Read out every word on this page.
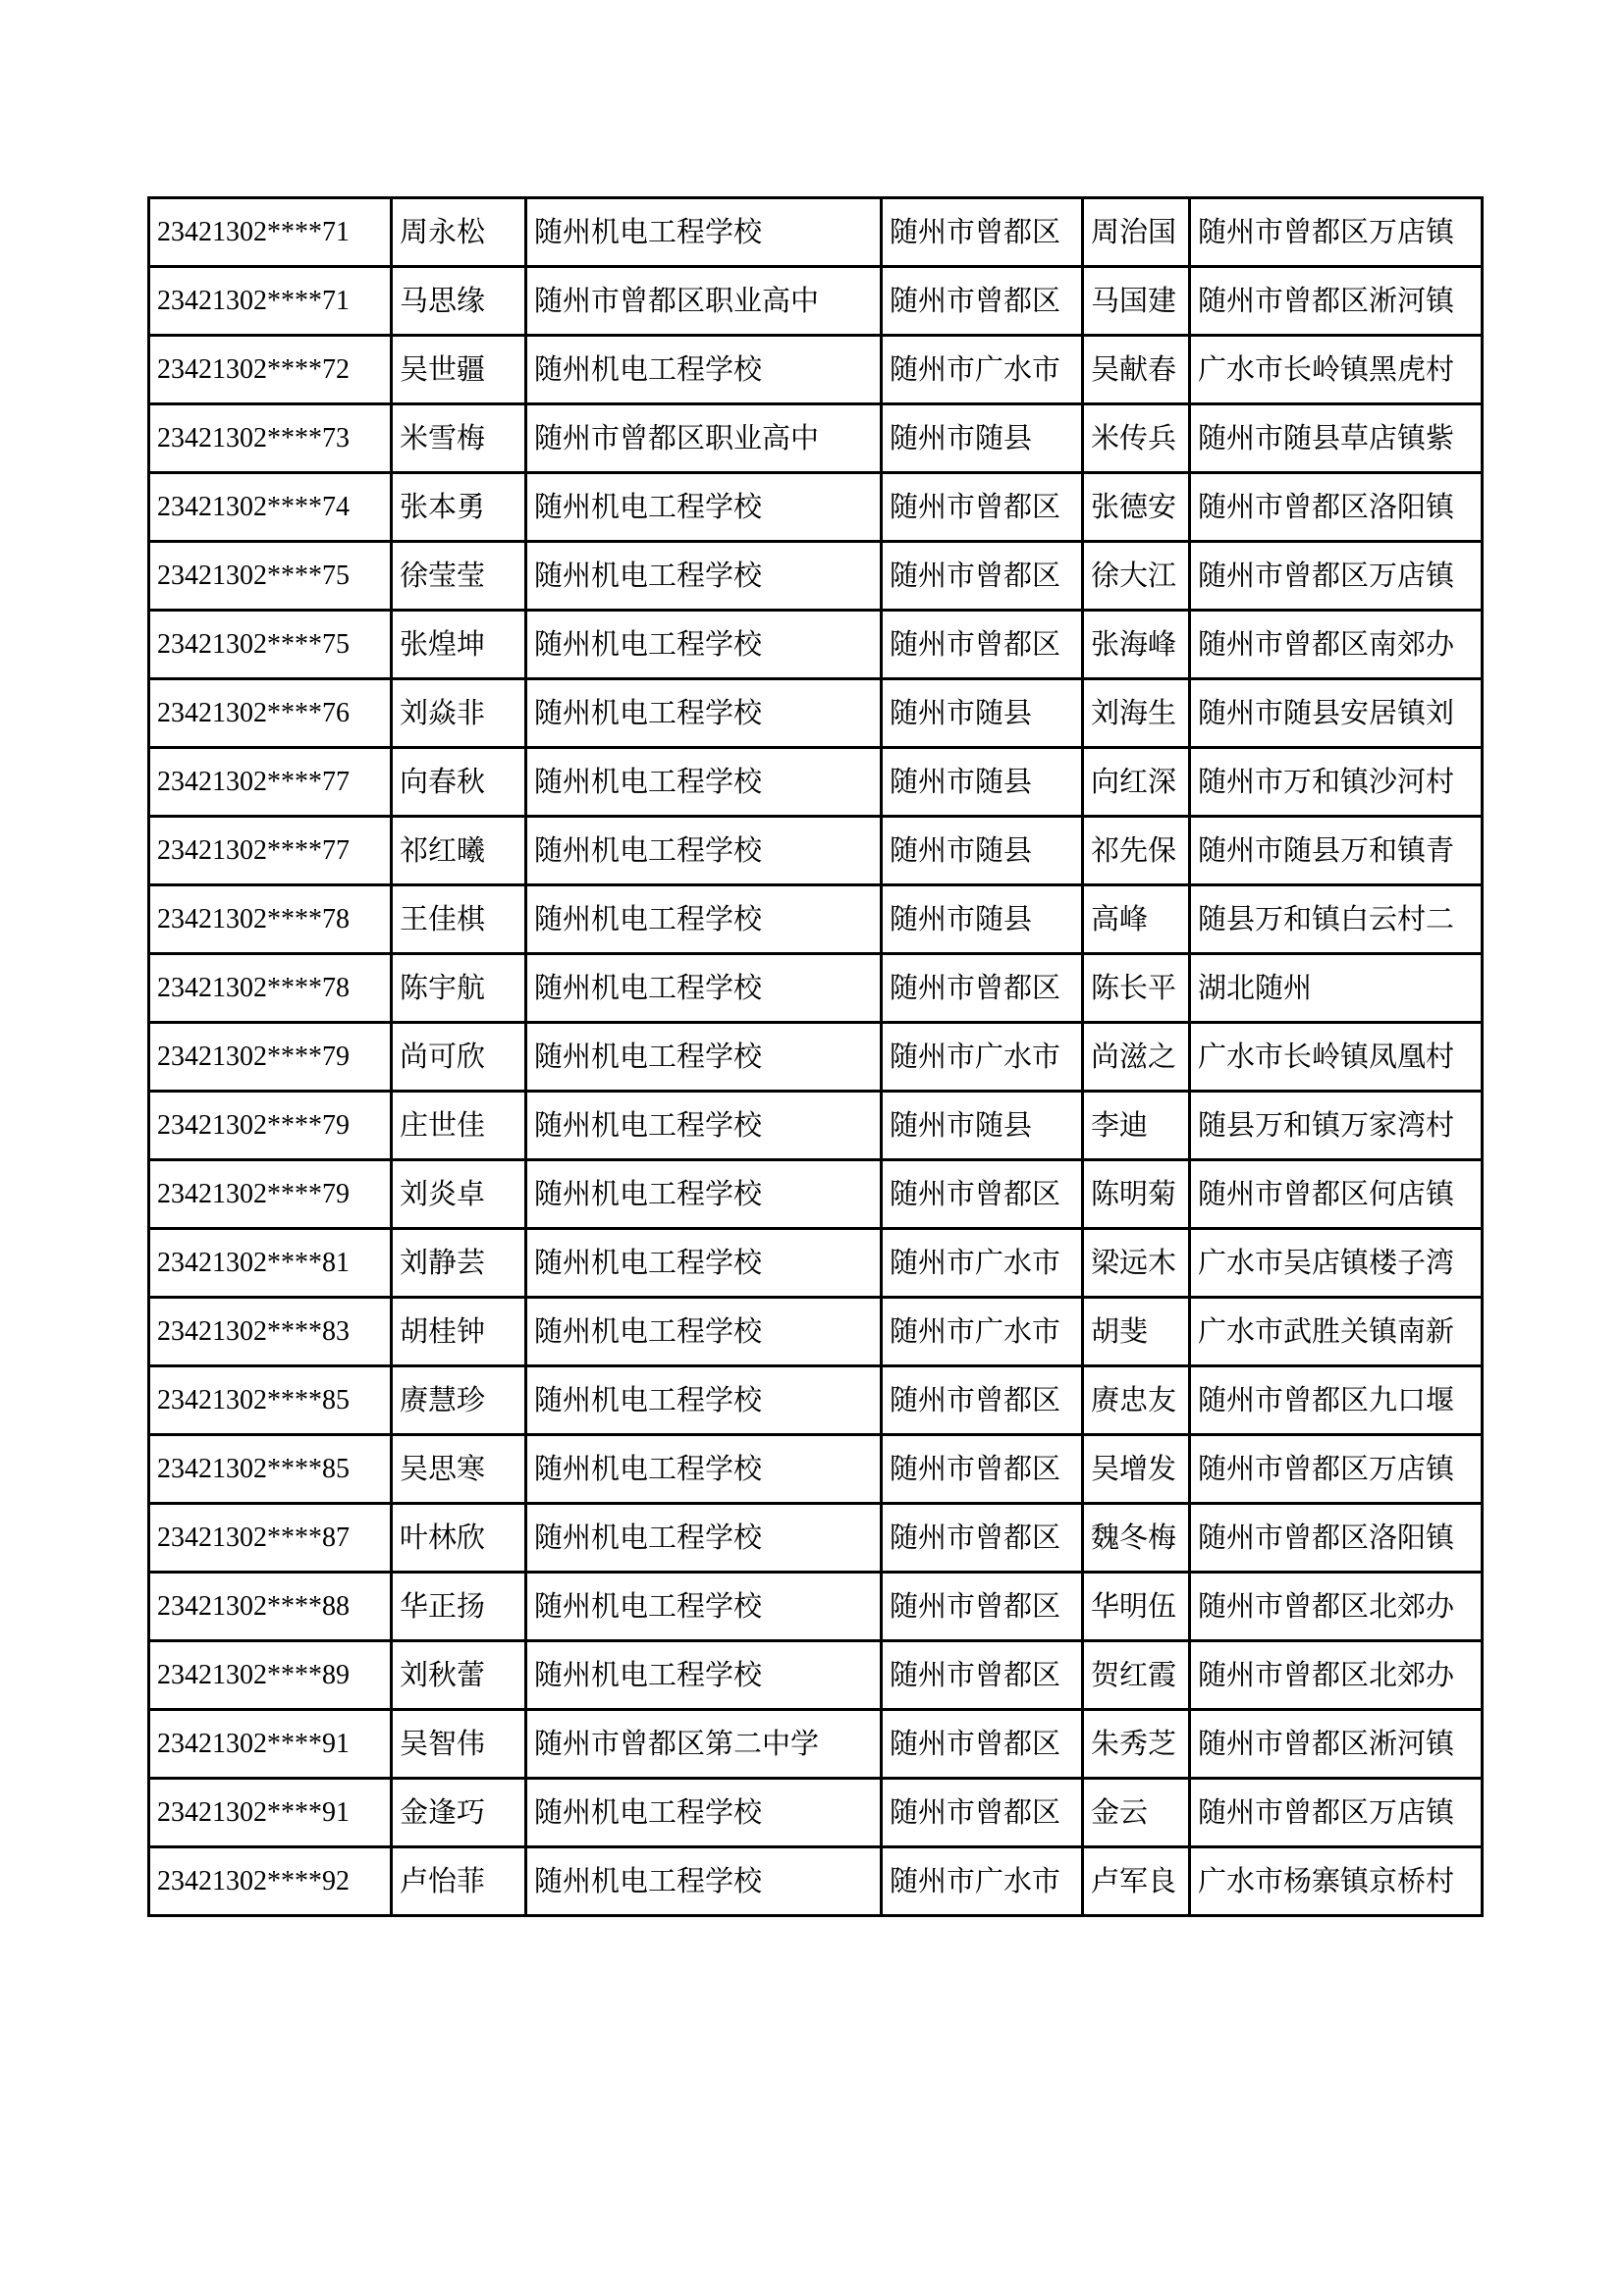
23421302****71	周永松	随州机电工程学校	随州市曾都区	周治国	随州市曾都区万店镇
23421302****71	马思缘	随州市曾都区职业高中	随州市曾都区	马国建	随州市曾都区淅河镇
23421302****72	吴世疆	随州机电工程学校	随州市广水市	吴献春	广水市长岭镇黑虎村
23421302****73	米雪梅	随州市曾都区职业高中	随州市随县	米传兵	随州市随县草店镇紫
23421302****74	张本勇	随州机电工程学校	随州市曾都区	张德安	随州市曾都区洛阳镇
23421302****75	徐莹莹	随州机电工程学校	随州市曾都区	徐大江	随州市曾都区万店镇
23421302****75	张煌坤	随州机电工程学校	随州市曾都区	张海峰	随州市曾都区南郊办
23421302****76	刘焱非	随州机电工程学校	随州市随县	刘海生	随州市随县安居镇刘
23421302****77	向春秋	随州机电工程学校	随州市随县	向红深	随州市万和镇沙河村
23421302****77	祁红曦	随州机电工程学校	随州市随县	祁先保	随州市随县万和镇青
23421302****78	王佳棋	随州机电工程学校	随州市随县	高峰	随县万和镇白云村二
23421302****78	陈宇航	随州机电工程学校	随州市曾都区	陈长平	湖北随州
23421302****79	尚可欣	随州机电工程学校	随州市广水市	尚滋之	广水市长岭镇凤凰村
23421302****79	庄世佳	随州机电工程学校	随州市随县	李迪	随县万和镇万家湾村
23421302****79	刘炎卓	随州机电工程学校	随州市曾都区	陈明菊	随州市曾都区何店镇
23421302****81	刘静芸	随州机电工程学校	随州市广水市	梁远木	广水市吴店镇楼子湾
23421302****83	胡桂钟	随州机电工程学校	随州市广水市	胡斐	广水市武胜关镇南新
23421302****85	赓慧珍	随州机电工程学校	随州市曾都区	赓忠友	随州市曾都区九口堰
23421302****85	吴思寒	随州机电工程学校	随州市曾都区	吴增发	随州市曾都区万店镇
23421302****87	叶林欣	随州机电工程学校	随州市曾都区	魏冬梅	随州市曾都区洛阳镇
23421302****88	华正扬	随州机电工程学校	随州市曾都区	华明伍	随州市曾都区北郊办
23421302****89	刘秋蕾	随州机电工程学校	随州市曾都区	贺红霞	随州市曾都区北郊办
23421302****91	吴智伟	随州市曾都区第二中学	随州市曾都区	朱秀芝	随州市曾都区淅河镇
23421302****91	金逢巧	随州机电工程学校	随州市曾都区	金云	随州市曾都区万店镇
23421302****92	卢怡菲	随州机电工程学校	随州市广水市	卢军良	广水市杨寨镇京桥村
